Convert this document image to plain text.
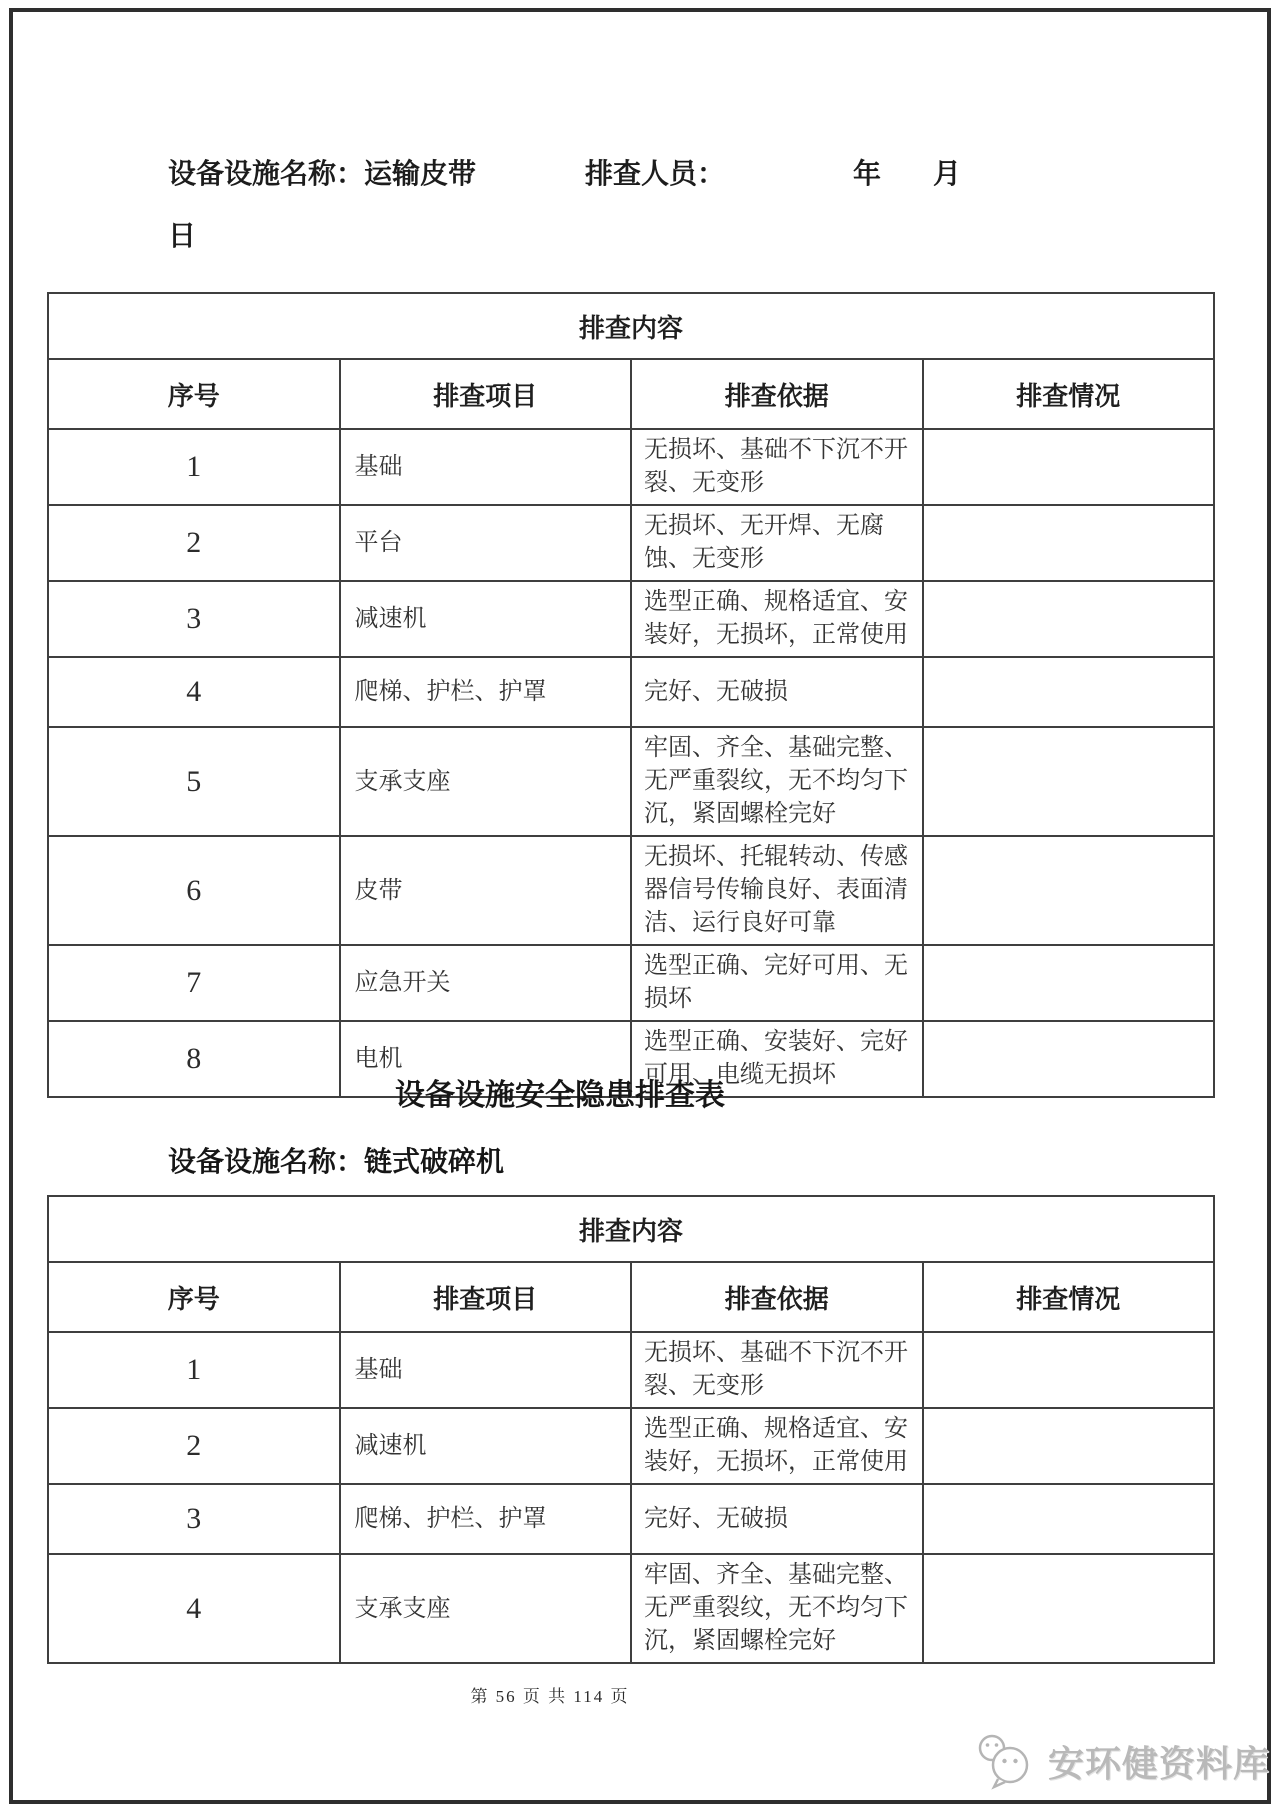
设备设施名称：运输皮带	排查人员：	年　月
日
排查内容			
序号	排查项目	排查依据	排查情况
1	基础	无损坏、基础不下沉不开裂、无变形	
2	平台	无损坏、无开焊、无腐蚀、无变形	
3	减速机	选型正确、规格适宜、安装好，无损坏，正常使用	
4	爬梯、护栏、护罩	完好、无破损	
5	支承支座	牢固、齐全、基础完整、无严重裂纹，无不均匀下沉，紧固螺栓完好	
6	皮带	无损坏、托辊转动、传感器信号传输良好、表面清洁、运行良好可靠	
7	应急开关	选型正确、完好可用、无损坏	
8	电机	选型正确、安装好、完好可用、电缆无损坏	
设备设施安全隐患排查表
设备设施名称：链式破碎机
排查内容			
序号	排查项目	排查依据	排查情况
1	基础	无损坏、基础不下沉不开裂、无变形	
2	减速机	选型正确、规格适宜、安装好，无损坏，正常使用	
3	爬梯、护栏、护罩	完好、无破损	
4	支承支座	牢固、齐全、基础完整、无严重裂纹，无不均匀下沉，紧固螺栓完好	
第 56 页 共 114 页
安环健资料库
